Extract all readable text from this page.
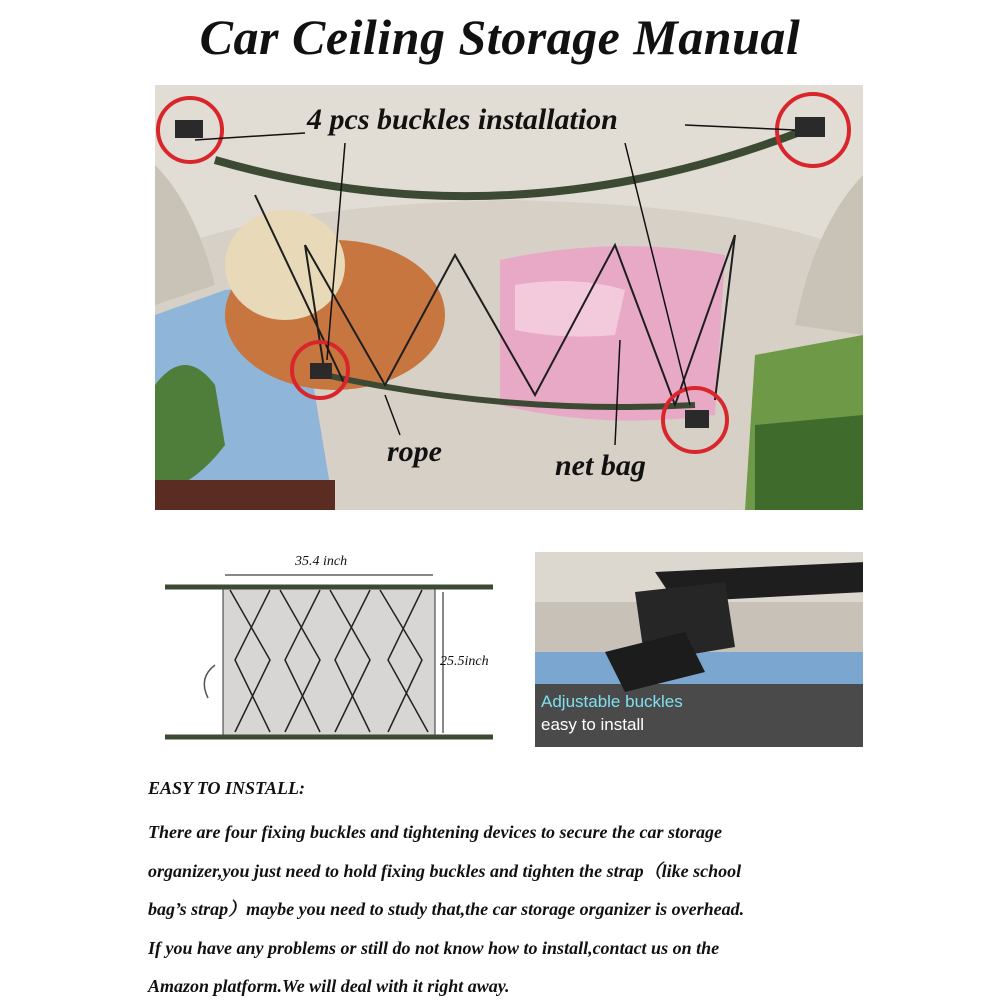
Car Ceiling Storage Manual
4 pcs buckles installation
rope	net bag
35.4 inch
25.5inch
Adjustable buckles
easy to install
EASY TO INSTALL:
There are four fixing buckles and tightening devices to secure the car storage
organizer,you just need to hold fixing buckles and tighten the strap（like school
bag’s strap）maybe you need to study that,the car storage organizer is overhead.
If you have any problems or still do not know how to install,contact us on the
Amazon platform.We will deal with it right away.
